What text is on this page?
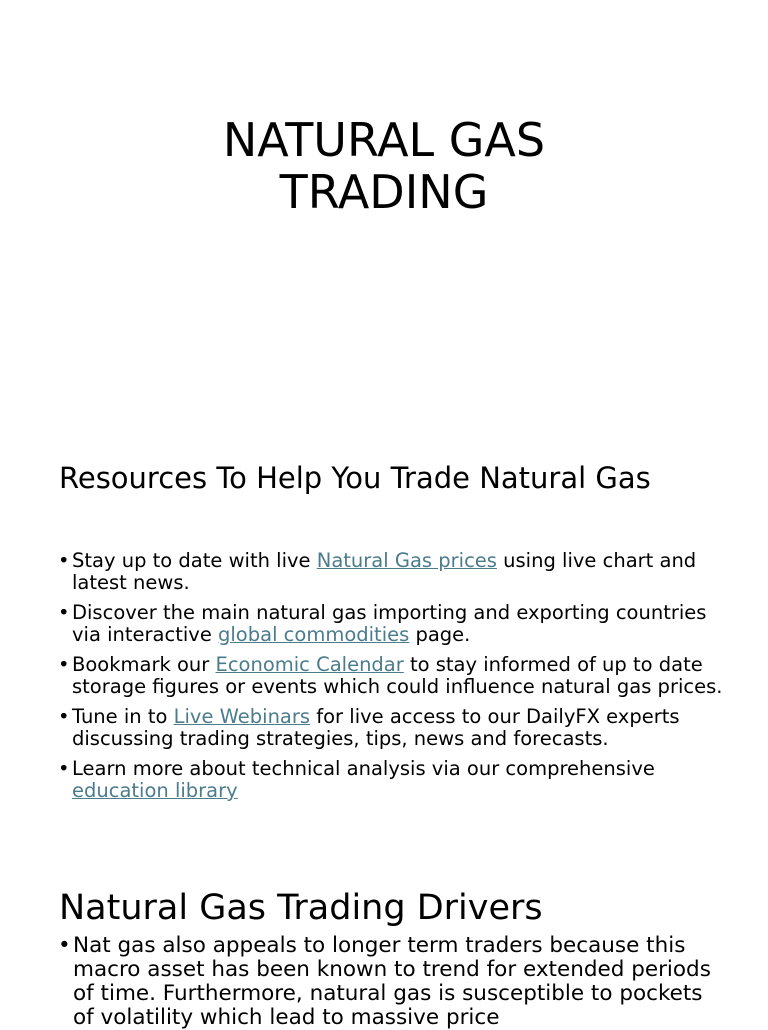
NATURAL GAS
TRADING
Resources To Help You Trade Natural Gas
• Stay up to date with live Natural Gas prices using live chart and latest news.
• Discover the main natural gas importing and exporting countries via interactive global commodities page.
• Bookmark our Economic Calendar to stay informed of up to date storage figures or events which could influence natural gas prices.
• Tune in to Live Webinars for live access to our DailyFX experts discussing trading strategies, tips, news and forecasts.
• Learn more about technical analysis via our comprehensive education library
Natural Gas Trading Drivers
• Nat gas also appeals to longer term traders because this macro asset has been known to trend for extended periods of time. Furthermore, natural gas is susceptible to pockets of volatility which lead to massive price
